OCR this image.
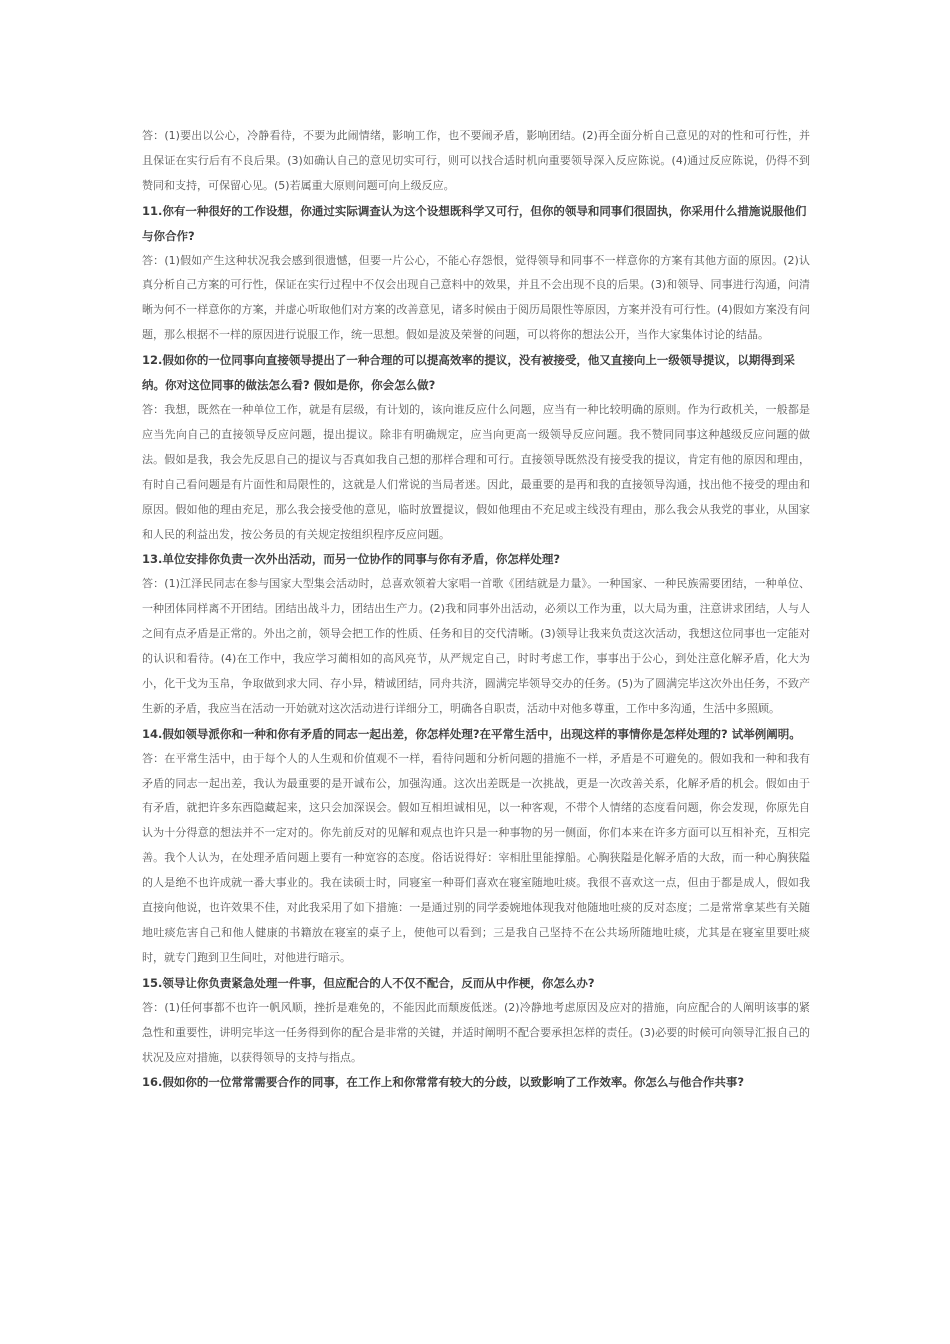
答：(1)要出以公心，冷静看待，不要为此闹情绪，影响工作，也不要闹矛盾，影响团结。(2)再全面分析自己意见的对的性和可行性，并且保证在实行后有不良后果。(3)如确认自己的意见切实可行，则可以找合适时机向重要领导深入反应陈说。(4)通过反应陈说，仍得不到赞同和支持，可保留心见。(5)若属重大原则问题可向上级反应。

11.你有一种很好的工作设想，你通过实际调查认为这个设想既科学又可行，但你的领导和同事们很固执，你采用什么措施说服他们与你合作?

答：(1)假如产生这种状况我会感到很遗憾，但要一片公心，不能心存怨恨，觉得领导和同事不一样意你的方案有其他方面的原因。(2)认真分析自己方案的可行性，保证在实行过程中不仅会出现自己意料中的效果，并且不会出现不良的后果。(3)和领导、同事进行沟通，问清晰为何不一样意你的方案，并虚心听取他们对方案的改善意见，诸多时候由于阅历局限性等原因，方案并没有可行性。(4)假如方案没有问题，那么根据不一样的原因进行说服工作，统一思想。假如是波及荣誉的问题，可以将你的想法公开，当作大家集体讨论的结晶。

12.假如你的一位同事向直接领导提出了一种合理的可以提高效率的提议，没有被接受，他又直接向上一级领导提议，以期得到采纳。你对这位同事的做法怎么看? 假如是你，你会怎么做?

答：我想，既然在一种单位工作，就是有层级，有计划的，该向谁反应什么问题，应当有一种比较明确的原则。作为行政机关，一般都是应当先向自己的直接领导反应问题，提出提议。除非有明确规定，应当向更高一级领导反应问题。我不赞同同事这种越级反应问题的做法。假如是我，我会先反思自己的提议与否真如我自己想的那样合理和可行。直接领导既然没有接受我的提议，肯定有他的原因和理由，有时自己看问题是有片面性和局限性的，这就是人们常说的当局者迷。因此，最重要的是再和我的直接领导沟通，找出他不接受的理由和原因。假如他的理由充足，那么我会接受他的意见，临时放置提议，假如他理由不充足或主线没有理由，那么我会从我党的事业，从国家和人民的利益出发，按公务员的有关规定按组织程序反应问题。

13.单位安排你负责一次外出活动，而另一位协作的同事与你有矛盾，你怎样处理?

答：(1)江泽民同志在参与国家大型集会活动时，总喜欢领着大家唱一首歌《团结就是力量》。一种国家、一种民族需要团结，一种单位、一种团体同样离不开团结。团结出战斗力，团结出生产力。(2)我和同事外出活动，必须以工作为重，以大局为重，注意讲求团结，人与人之间有点矛盾是正常的。外出之前，领导会把工作的性质、任务和目的交代清晰。(3)领导让我来负责这次活动，我想这位同事也一定能对的认识和看待。(4)在工作中，我应学习蔺相如的高风亮节，从严规定自己，时时考虑工作，事事出于公心，到处注意化解矛盾，化大为小，化干戈为玉帛，争取做到求大同、存小异，精诚团结，同舟共济，圆满完毕领导交办的任务。(5)为了圆满完毕这次外出任务，不致产生新的矛盾，我应当在活动一开始就对这次活动进行详细分工，明确各自职责，活动中对他多尊重，工作中多沟通，生活中多照顾。

14.假如领导派你和一种和你有矛盾的同志一起出差，你怎样处理?在平常生活中，出现这样的事情你是怎样处理的? 试举例阐明。

答：在平常生活中，由于每个人的人生观和价值观不一样，看待问题和分析问题的措施不一样，矛盾是不可避免的。假如我和一种和我有矛盾的同志一起出差，我认为最重要的是开诚布公，加强沟通。这次出差既是一次挑战，更是一次改善关系，化解矛盾的机会。假如由于有矛盾，就把许多东西隐藏起来，这只会加深误会。假如互相坦诚相见，以一种客观，不带个人情绪的态度看问题，你会发现，你原先自认为十分得意的想法并不一定对的。你先前反对的见解和观点也许只是一种事物的另一侧面，你们本来在许多方面可以互相补充，互相完善。我个人认为，在处理矛盾问题上要有一种宽容的态度。俗话说得好：宰相肚里能撑船。心胸狭隘是化解矛盾的大敌，而一种心胸狭隘的人是绝不也许成就一番大事业的。我在读硕士时，同寝室一种哥们喜欢在寝室随地吐痰。我很不喜欢这一点，但由于都是成人，假如我直接向他说，也许效果不佳，对此我采用了如下措施：一是通过别的同学委婉地体现我对他随地吐痰的反对态度；二是常常拿某些有关随地吐痰危害自己和他人健康的书籍放在寝室的桌子上，使他可以看到；三是我自己坚持不在公共场所随地吐痰，尤其是在寝室里要吐痰时，就专门跑到卫生间吐，对他进行暗示。

15.领导让你负责紧急处理一件事，但应配合的人不仅不配合，反而从中作梗，你怎么办?

答：(1)任何事都不也许一帆风顺，挫折是难免的，不能因此而颓废低迷。(2)冷静地考虑原因及应对的措施，向应配合的人阐明该事的紧急性和重要性，讲明完毕这一任务得到你的配合是非常的关键，并适时阐明不配合要承担怎样的责任。(3)必要的时候可向领导汇报自己的状况及应对措施，以获得领导的支持与指点。

16.假如你的一位常常需要合作的同事，在工作上和你常常有较大的分歧，以致影响了工作效率。你怎么与他合作共事?
